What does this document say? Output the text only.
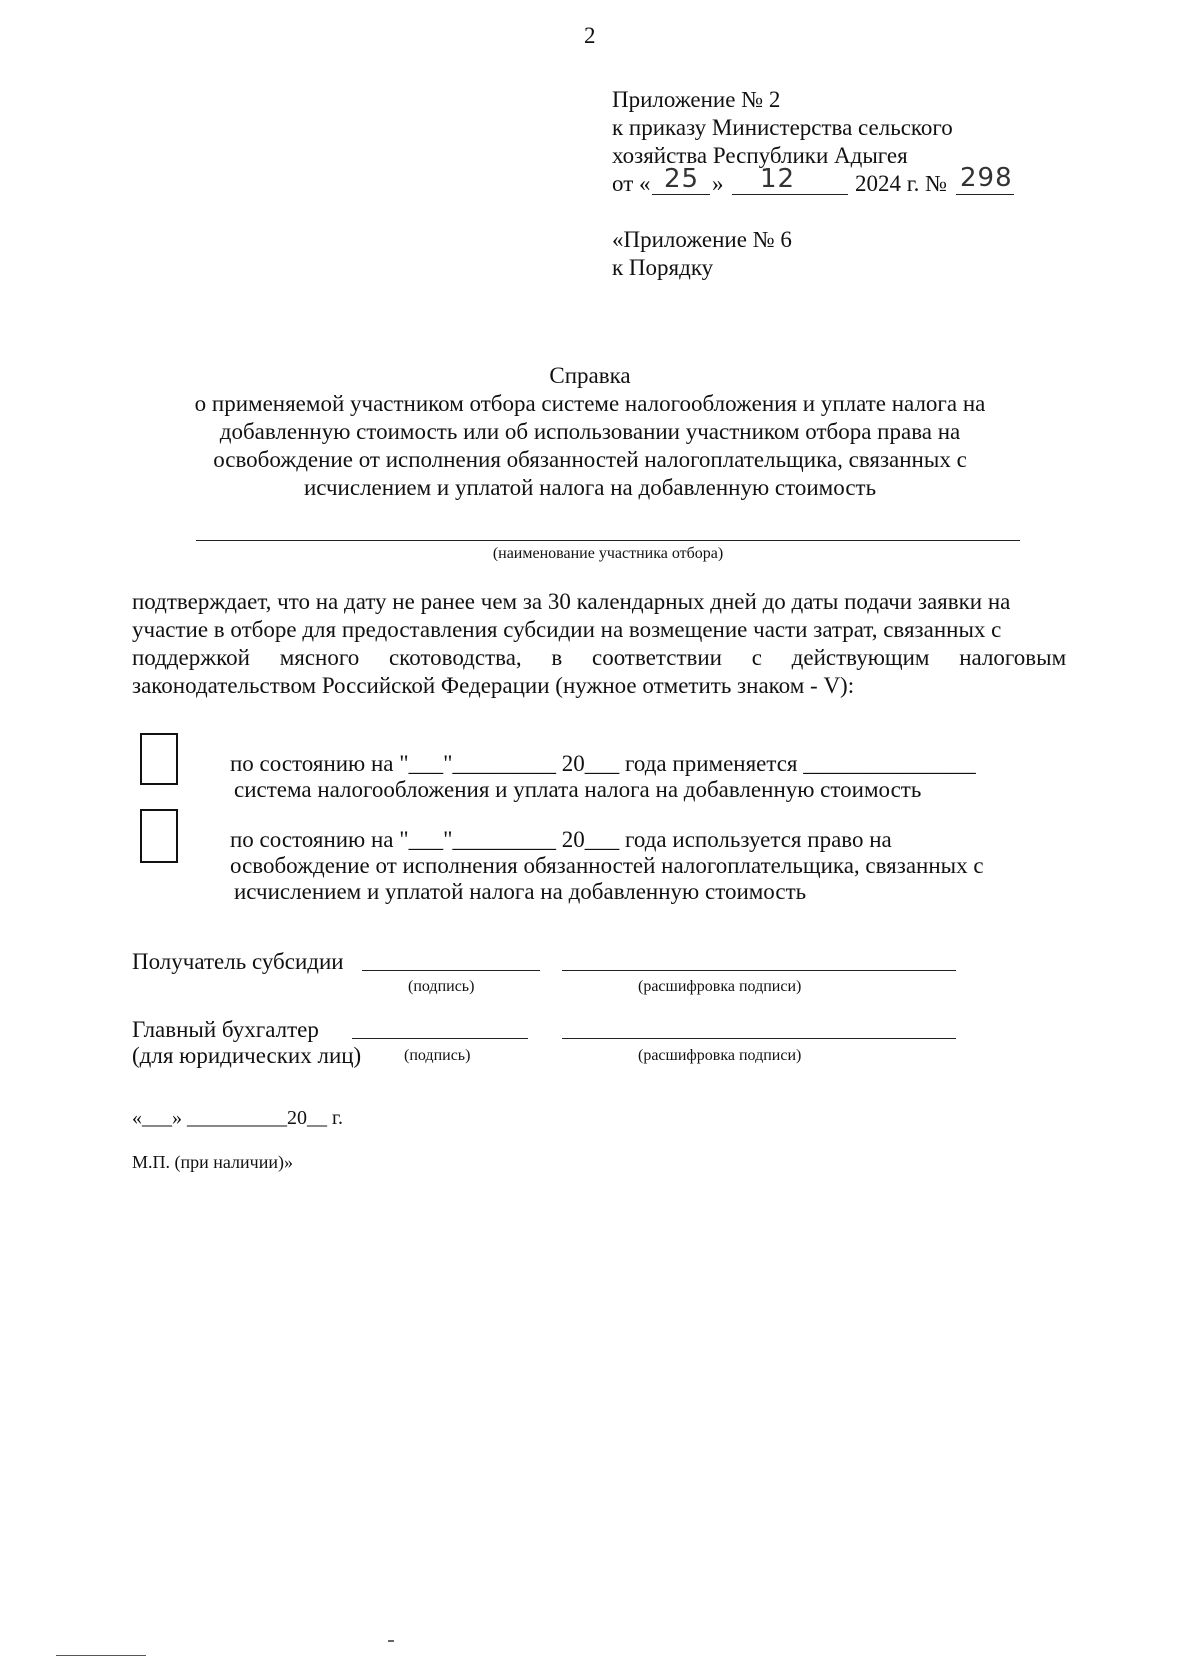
2
Приложение № 2
к приказу Министерства сельского
хозяйства Республики Адыгея
от « 25 » 12	2024 г. № 298
«Приложение № 6
к Порядку
Справка
о применяемой участником отбора системе налогообложения и уплате налога на
добавленную стоимость или об использовании участником отбора права на
освобождение от исполнения обязанностей налогоплательщика, связанных с
исчислением и уплатой налога на добавленную стоимость
(наименование участника отбора)
подтверждает, что на дату не ранее чем за 30 календарных дней до даты подачи заявки на
участие в отборе для предоставления субсидии на возмещение части затрат, связанных с
поддержкой мясного скотоводства, в соответствии с действующим налоговым
законодательством Российской Федерации (нужное отметить знаком - V):
по состоянию на "___"_________ 20___ года применяется _______________
система налогообложения и уплата налога на добавленную стоимость
по состоянию на "___"_________ 20___ года используется право на
освобождение от исполнения обязанностей налогоплательщика, связанных с
исчислением и уплатой налога на добавленную стоимость
Получатель субсидии
(подпись)	(расшифровка подписи)
Главный бухгалтер
(для юридических лиц)	(подпись)	(расшифровка подписи)
«___» __________20__ г.
М.П. (при наличии)»
